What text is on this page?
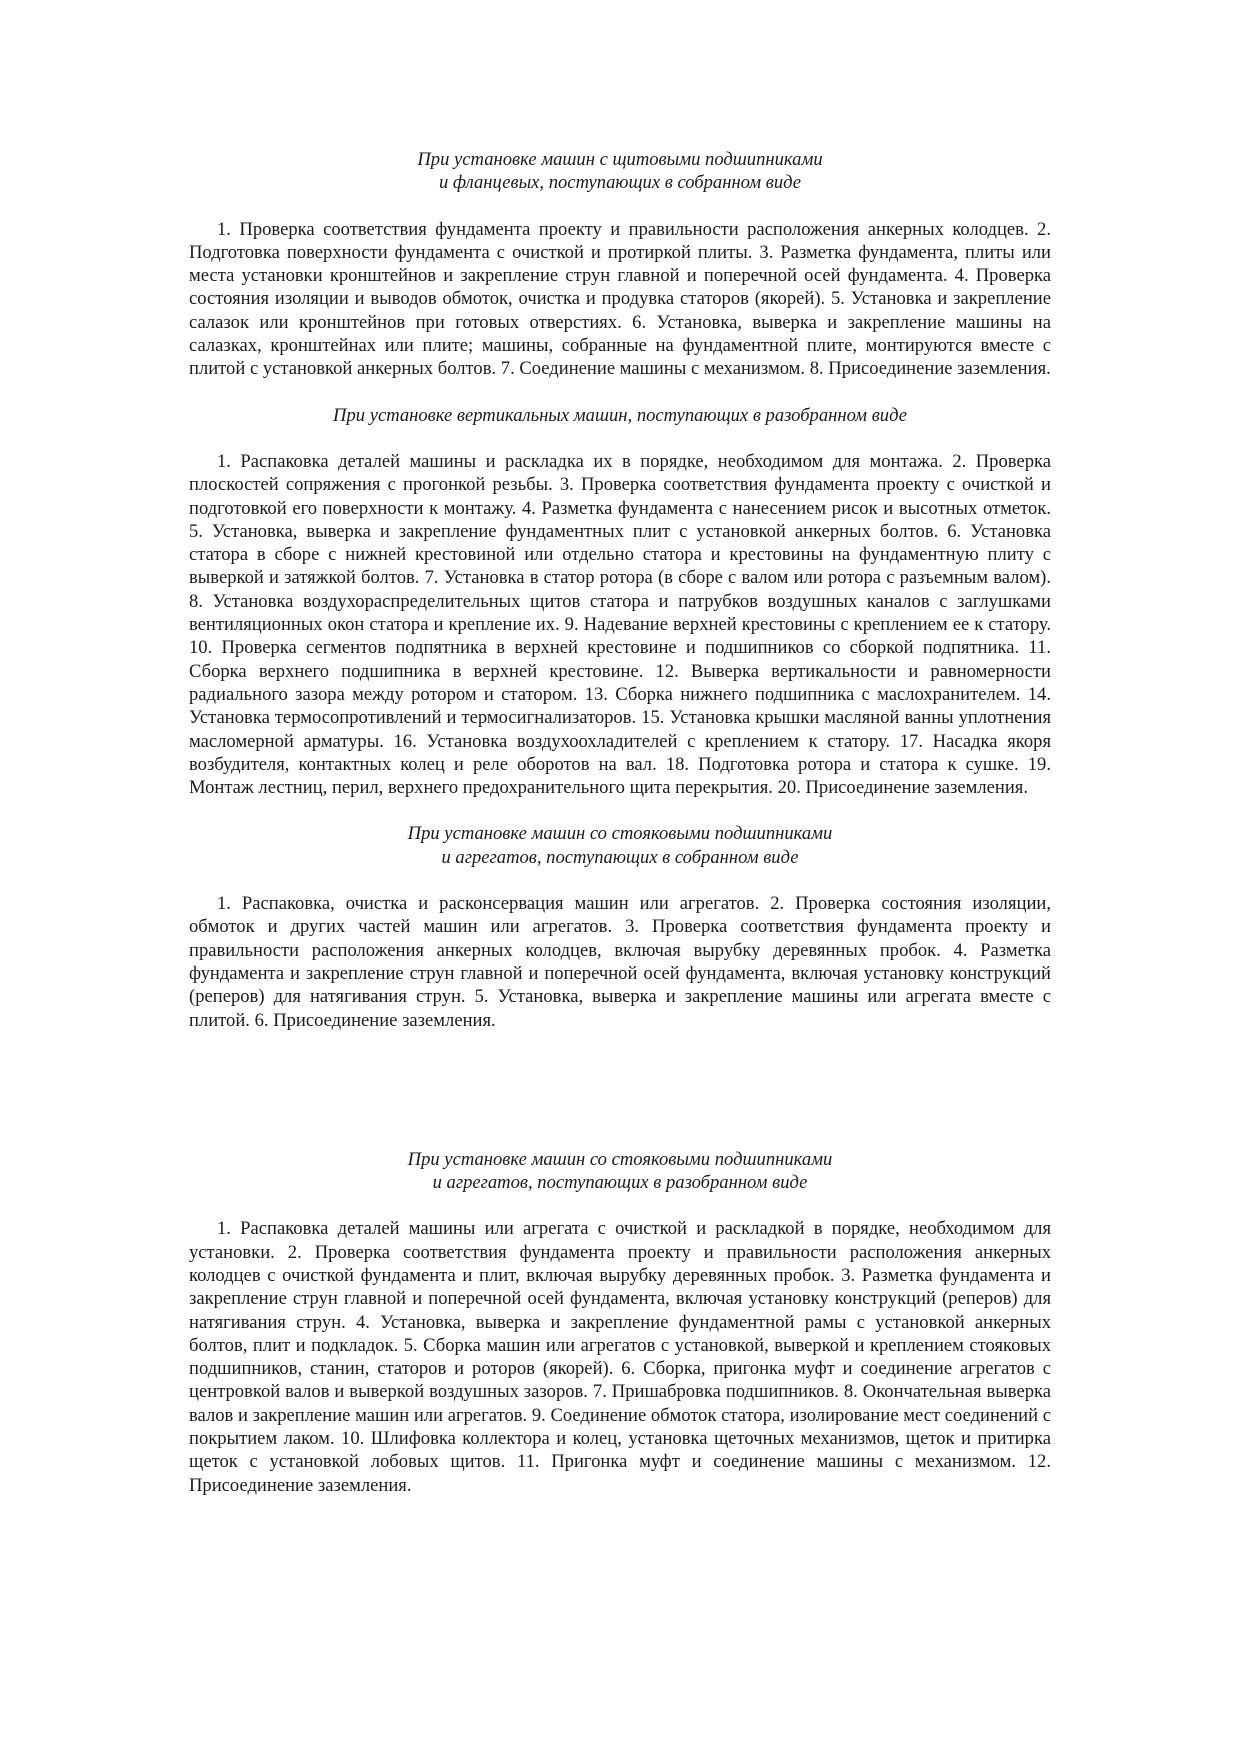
При установке машин с щитовыми подшипниками
и фланцевых, поступающих в собранном виде

1. Проверка соответствия фундамента проекту и правильности расположения анкерных колодцев. 2. Подготовка поверхности фундамента с очисткой и протиркой плиты. 3. Разметка фундамента, плиты или места установки кронштейнов и закрепление струн главной и поперечной осей фундамента. 4. Проверка состояния изоляции и выводов обмоток, очистка и продувка статоров (якорей). 5. Установка и закрепление салазок или кронштейнов при готовых отверстиях. 6. Установка, выверка и закрепление машины на салазках, кронштейнах или плите; машины, собранные на фундаментной плите, монтируются вместе с плитой с установкой анкерных болтов. 7. Соединение машины с механизмом. 8. Присоединение заземления.

При установке вертикальных машин, поступающих в разобранном виде

1. Распаковка деталей машины и раскладка их в порядке, необходимом для монтажа. 2. Проверка плоскостей сопряжения с прогонкой резьбы. 3. Проверка соответствия фундамента проекту с очисткой и подготовкой его поверхности к монтажу. 4. Разметка фундамента с нанесением рисок и высотных отметок. 5. Установка, выверка и закрепление фундаментных плит с установкой анкерных болтов. 6. Установка статора в сборе с нижней крестовиной или отдельно статора и крестовины на фундаментную плиту с выверкой и затяжкой болтов. 7. Установка в статор ротора (в сборе с валом или ротора с разъемным валом). 8. Установка воздухораспределительных щитов статора и патрубков воздушных каналов с заглушками вентиляционных окон статора и крепление их. 9. Надевание верхней крестовины с креплением ее к статору. 10. Проверка сегментов подпятника в верхней крестовине и подшипников со сборкой подпятника. 11. Сборка верхнего подшипника в верхней крестовине. 12. Выверка вертикальности и равномерности радиального зазора между ротором и статором. 13. Сборка нижнего подшипника с маслохранителем. 14. Установка термосопротивлений и термосигнализаторов. 15. Установка крышки масляной ванны уплотнения масломерной арматуры. 16. Установка воздухоохладителей с креплением к статору. 17. Насадка якоря возбудителя, контактных колец и реле оборотов на вал. 18. Подготовка ротора и статора к сушке. 19. Монтаж лестниц, перил, верхнего предохранительного щита перекрытия. 20. Присоединение заземления.

При установке машин со стояковыми подшипниками
и агрегатов, поступающих в собранном виде

1. Распаковка, очистка и расконсервация машин или агрегатов. 2. Проверка состояния изоляции, обмоток и других частей машин или агрегатов. 3. Проверка соответствия фундамента проекту и правильности расположения анкерных колодцев, включая вырубку деревянных пробок. 4. Разметка фундамента и закрепление струн главной и поперечной осей фундамента, включая установку конструкций (реперов) для натягивания струн. 5. Установка, выверка и закрепление машины или агрегата вместе с плитой. 6. Присоединение заземления.

При установке машин со стояковыми подшипниками
и агрегатов, поступающих в разобранном виде

1. Распаковка деталей машины или агрегата с очисткой и раскладкой в порядке, необходимом для установки. 2. Проверка соответствия фундамента проекту и правильности расположения анкерных колодцев с очисткой фундамента и плит, включая вырубку деревянных пробок. 3. Разметка фундамента и закрепление струн главной и поперечной осей фундамента, включая установку конструкций (реперов) для натягивания струн. 4. Установка, выверка и закрепление фундаментной рамы с установкой анкерных болтов, плит и подкладок. 5. Сборка машин или агрегатов с установкой, выверкой и креплением стояковых подшипников, станин, статоров и роторов (якорей). 6. Сборка, пригонка муфт и соединение агрегатов с центровкой валов и выверкой воздушных зазоров. 7. Пришабровка подшипников. 8. Окончательная выверка валов и закрепление машин или агрегатов. 9. Соединение обмоток статора, изолирование мест соединений с покрытием лаком. 10. Шлифовка коллектора и колец, установка щеточных механизмов, щеток и притирка щеток с установкой лобовых щитов. 11. Пригонка муфт и соединение машины с механизмом. 12. Присоединение заземления.
